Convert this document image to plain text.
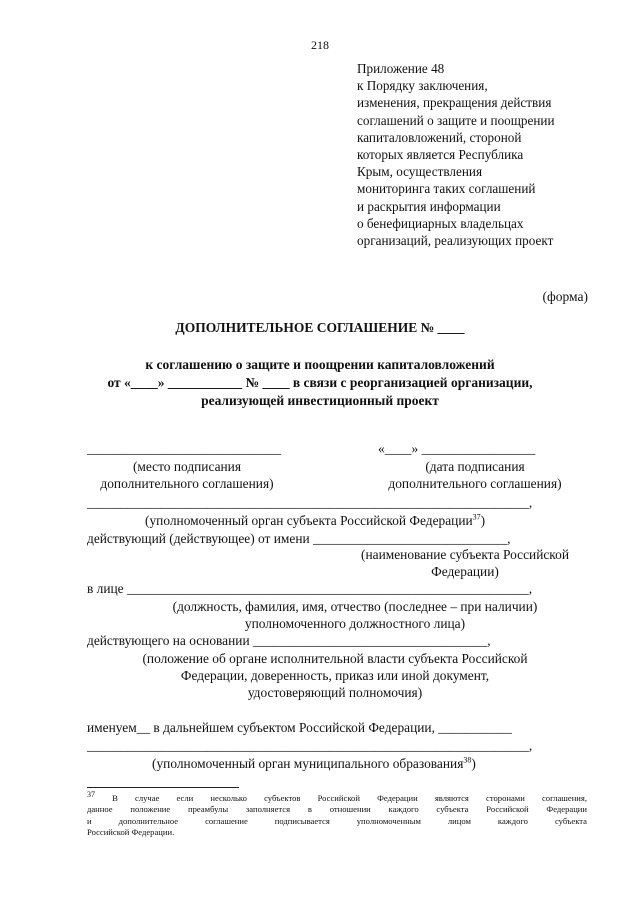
218
Приложение 48
к Порядку заключения,
изменения, прекращения действия
соглашений о защите и поощрении
капиталовложений, стороной
которых является Республика
Крым, осуществления
мониторинга таких соглашений
и раскрытия информации
о бенефициарных владельцах
организаций, реализующих проект
(форма)
ДОПОЛНИТЕЛЬНОЕ СОГЛАШЕНИЕ № ____
к соглашению о защите и поощрении капиталовложений
от «____» ___________ № ____ в связи с реорганизацией организации,
реализующей инвестиционный проект
_____________________________	«____» _________________
(место подписания
дополнительного соглашения)
(дата подписания
дополнительного соглашения)
__________________________________________________________________,
(уполномоченный орган субъекта Российской Федерации$^{37}$)
действующий (действующее) от имени _____________________________,
(наименование субъекта Российской
Федерации)
в лице ____________________________________________________________,
(должность, фамилия, имя, отчество (последнее – при наличии)
уполномоченного должностного лица)
действующего на основании ___________________________________,
(положение об органе исполнительной власти субъекта Российской
Федерации, доверенность, приказ или иной документ,
удостоверяющий полномочия)
именуем__ в дальнейшем субъектом Российской Федерации, ___________
__________________________________________________________________,
(уполномоченный орган муниципального образования$^{38}$)
$^{37}$ В случае если несколько субъектов Российской Федерации являются сторонами соглашения,
данное положение преамбулы заполняется в отношении каждого субъекта Российской Федерации
и дополнительное соглашение подписывается уполномоченным лицом каждого субъекта
Российской Федерации.
